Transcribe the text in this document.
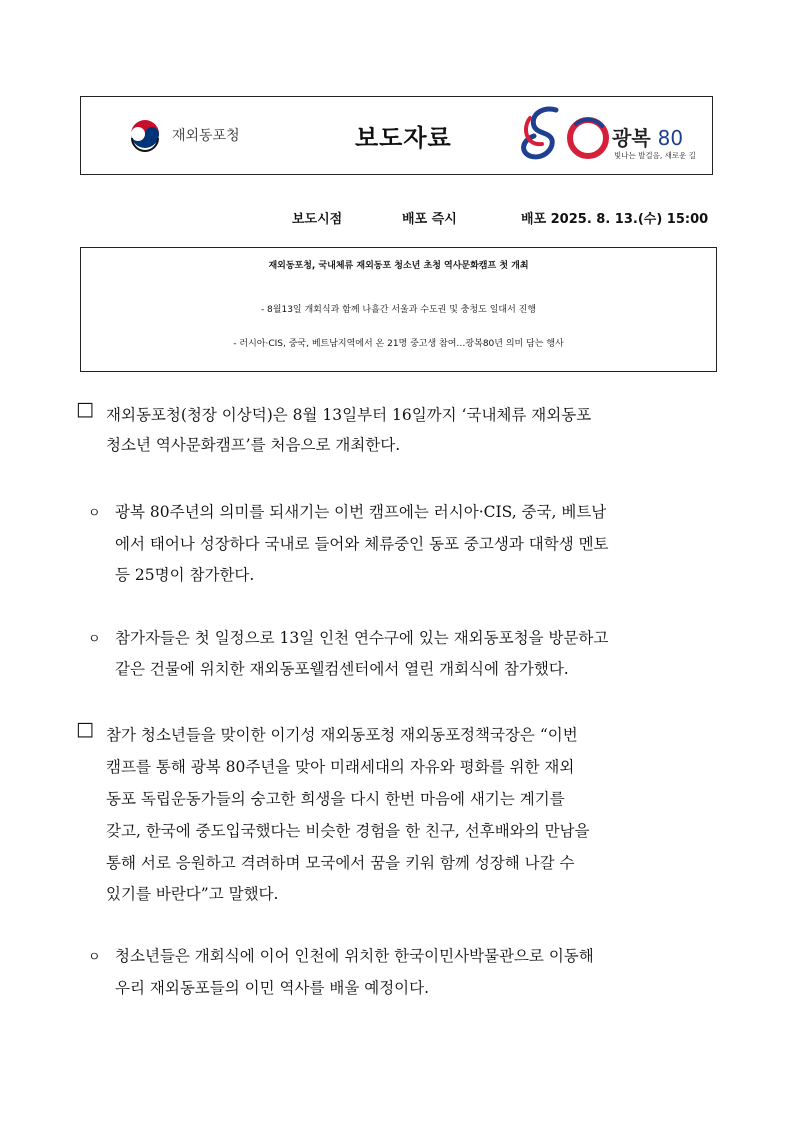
재외동포청	보도자료	광복 80
빛나는 발걸음, 새로운 길
보도시점	배포 즉시	배포 2025. 8. 13.(수) 15:00
재외동포청, 국내체류 재외동포 청소년 초청 역사문화캠프 첫 개최
- 8월13일 개회식과 함께 나흘간 서울과 수도권 및 충청도 일대서 진행
- 러시아·CIS, 중국, 베트남지역에서 온 21명 중고생 참여…광복80년 의미 담는 행사
□ 재외동포청(청장 이상덕)은 8월 13일부터 16일까지 ‘국내체류 재외동포
청소년 역사문화캠프’를 처음으로 개최한다.
ㅇ 광복 80주년의 의미를 되새기는 이번 캠프에는 러시아·CIS, 중국, 베트남
에서 태어나 성장하다 국내로 들어와 체류중인 동포 중고생과 대학생 멘토
등 25명이 참가한다.
ㅇ 참가자들은 첫 일정으로 13일 인천 연수구에 있는 재외동포청을 방문하고
같은 건물에 위치한 재외동포웰컴센터에서 열린 개회식에 참가했다.
□ 참가 청소년들을 맞이한 이기성 재외동포청 재외동포정책국장은 “이번
캠프를 통해 광복 80주년을 맞아 미래세대의 자유와 평화를 위한 재외
동포 독립운동가들의 숭고한 희생을 다시 한번 마음에 새기는 계기를
갖고, 한국에 중도입국했다는 비슷한 경험을 한 친구, 선후배와의 만남을
통해 서로 응원하고 격려하며 모국에서 꿈을 키워 함께 성장해 나갈 수
있기를 바란다”고 말했다.
ㅇ 청소년들은 개회식에 이어 인천에 위치한 한국이민사박물관으로 이동해
우리 재외동포들의 이민 역사를 배울 예정이다.
